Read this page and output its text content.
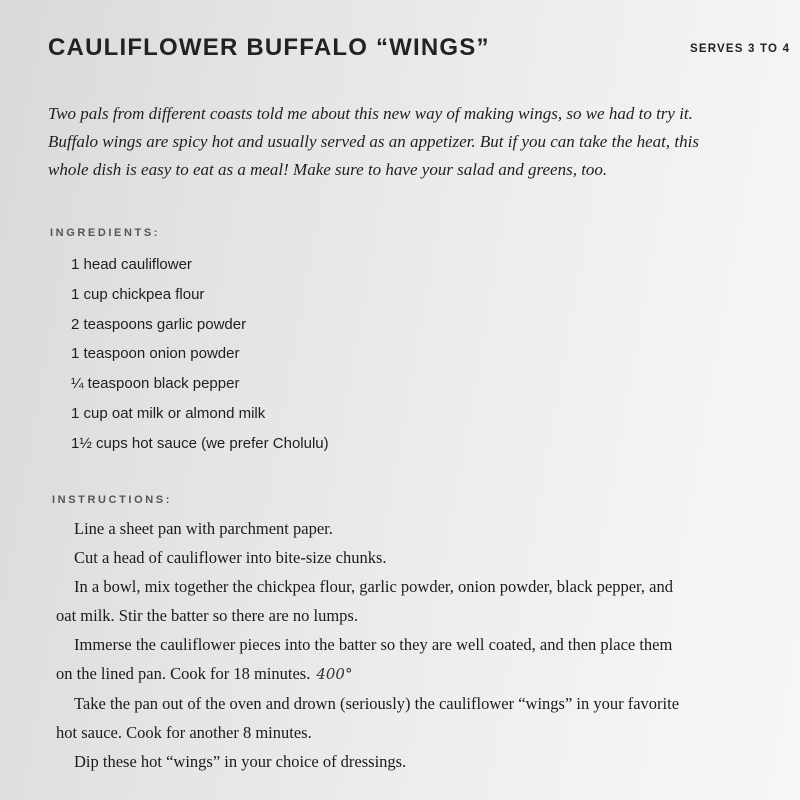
CAULIFLOWER BUFFALO “WINGS”	SERVES 3 TO 4
Two pals from different coasts told me about this new way of making wings, so we had to try it.
Buffalo wings are spicy hot and usually served as an appetizer. But if you can take the heat, this
whole dish is easy to eat as a meal! Make sure to have your salad and greens, too.
INGREDIENTS:
1 head cauliflower
1 cup chickpea flour
2 teaspoons garlic powder
1 teaspoon onion powder
¼ teaspoon black pepper
1 cup oat milk or almond milk
1½ cups hot sauce (we prefer Cholulu)
INSTRUCTIONS:

Line a sheet pan with parchment paper.

Cut a head of cauliflower into bite-size chunks.

In a bowl, mix together the chickpea flour, garlic powder, onion powder, black pepper, and
oat milk. Stir the batter so there are no lumps.

Immerse the cauliflower pieces into the batter so they are well coated, and then place them
on the lined pan. Cook for 18 minutes. 400°

Take the pan out of the oven and drown (seriously) the cauliflower “wings” in your favorite
hot sauce. Cook for another 8 minutes.

Dip these hot “wings” in your choice of dressings.
